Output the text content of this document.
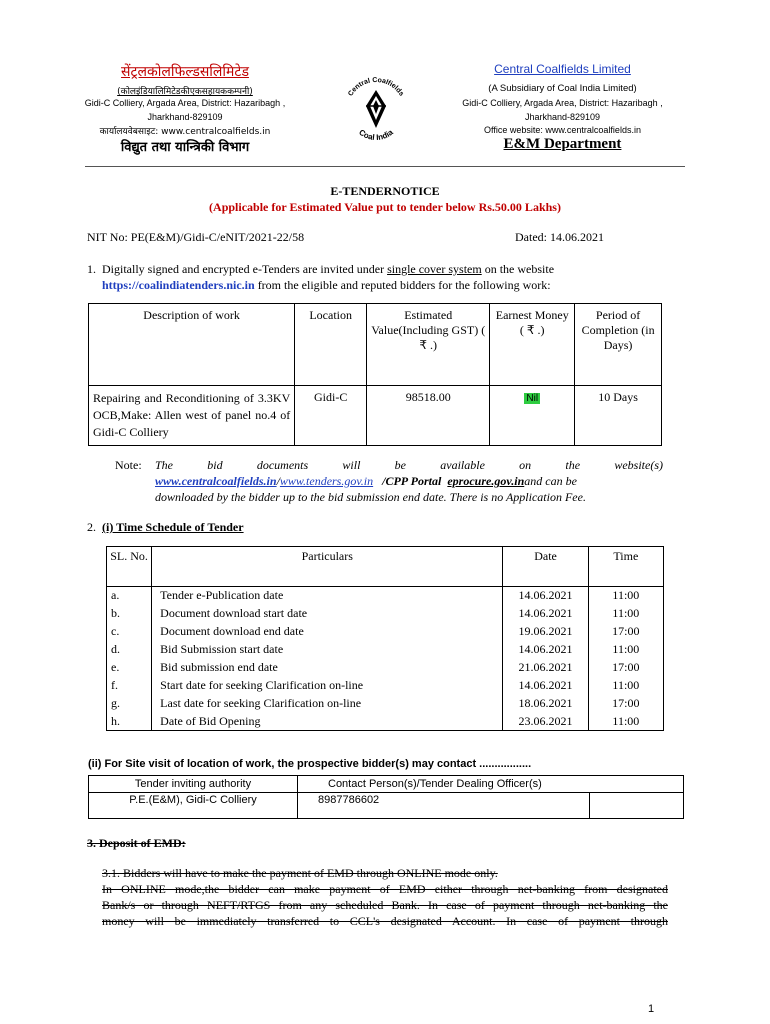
सेंट्रलकोलफिल्डसलिमिटेड
(कोलइंडियालिमिटेडकीएकसहायककम्पनी)
Gidi-C Colliery, Argada Area, District: Hazaribagh ,
Jharkhand-829109
कार्यालयवेबसाइट: www.centralcoalfields.in
विद्युत तथा यान्त्रिकी विभाग
Central Coalfields
Coal India
Central Coalfields Limited
(A Subsidiary of Coal India Limited)
Gidi-C Colliery, Argada Area, District: Hazaribagh ,
Jharkhand-829109
Office website: www.centralcoalfields.in
E&M Department
E-TENDERNOTICE
(Applicable for Estimated Value put to tender below Rs.50.00 Lakhs)
NIT No: PE(E&M)/Gidi-C/eNIT/2021-22/58	Dated: 14.06.2021
1. Digitally signed and encrypted e-Tenders are invited under single cover system on the website
https://coalindiatenders.nic.in from the eligible and reputed bidders for the following work:
Description of work	Location	Estimated Value(Including GST) ( ₹ .)	Earnest Money ( ₹ .)	Period of Completion (in Days)
Repairing and Reconditioning of 3.3KV OCB,Make: Allen west of panel no.4 of Gidi-C Colliery	Gidi-C	98518.00	Nil	10 Days
Note: The bid documents will be available on the website(s)
www.centralcoalfields.in/www.tenders.gov.in /CPP Portal eprocure.gov.inand can be
downloaded by the bidder up to the bid submission end date. There is no Application Fee.
2. (i) Time Schedule of Tender
SL. No.	Particulars	Date	Time
a.	Tender e-Publication date	14.06.2021	11:00
b.	Document download start date	14.06.2021	11:00
c.	Document download end date	19.06.2021	17:00
d.	Bid Submission start date	14.06.2021	11:00
e.	Bid submission end date	21.06.2021	17:00
f.	Start date for seeking Clarification on-line	14.06.2021	11:00
g.	Last date for seeking Clarification on-line	18.06.2021	17:00
h.	Date of Bid Opening	23.06.2021	11:00
(ii) For Site visit of location of work, the prospective bidder(s) may contact .................
Tender inviting authority	Contact Person(s)/Tender Dealing Officer(s)	
P.E.(E&M), Gidi-C Colliery	8987786602	
3. Deposit of EMD:
3.1. Bidders will have to make the payment of EMD through ONLINE mode only.
In ONLINE mode,the bidder can make payment of EMD either through net-banking from designated
Bank/s or through NEFT/RTGS from any scheduled Bank. In case of payment through net-banking the
money will be immediately transferred to CCL's designated Account. In case of payment through
1
